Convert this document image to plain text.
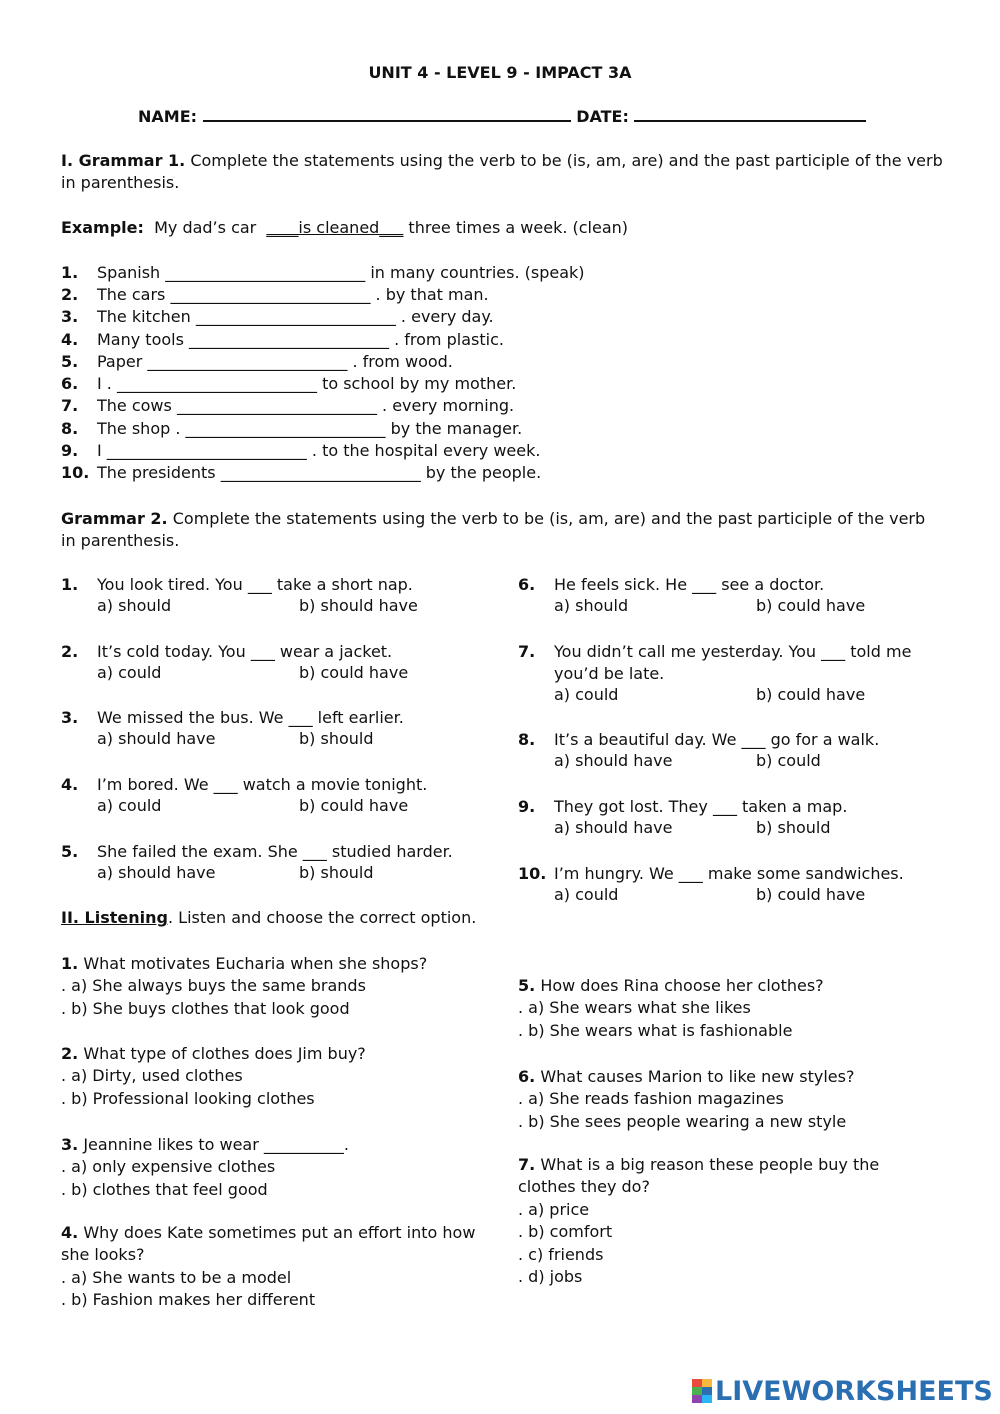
UNIT 4 - LEVEL 9 - IMPACT 3A
NAME:	DATE:
I. Grammar 1. Complete the statements using the verb to be (is, am, are) and the past participle of the verb
in parenthesis.
Example: My dad’s car ____is cleaned___ three times a week. (clean)
1. Spanish _________________________ in many countries. (speak)
2. The cars _________________________ . by that man.
3. The kitchen _________________________ . every day.
4. Many tools _________________________ . from plastic.
5. Paper _________________________ . from wood.
6. I . _________________________ to school by my mother.
7. The cows _________________________ . every morning.
8. The shop . _________________________ by the manager.
9. I _________________________ . to the hospital every week.
10. The presidents _________________________ by the people.
Grammar 2. Complete the statements using the verb to be (is, am, are) and the past participle of the verb
in parenthesis.
1. You look tired. You ___ take a short nap.
a) should	b) should have
2. It’s cold today. You ___ wear a jacket.
a) could	b) could have
3. We missed the bus. We ___ left earlier.
a) should have	b) should
4. I’m bored. We ___ watch a movie tonight.
a) could	b) could have
5. She failed the exam. She ___ studied harder.
a) should have	b) should
6. He feels sick. He ___ see a doctor.
a) should	b) could have
7. You didn’t call me yesterday. You ___ told me
you’d be late.
a) could	b) could have
8. It’s a beautiful day. We ___ go for a walk.
a) should have	b) could
9. They got lost. They ___ taken a map.
a) should have	b) should
10. I’m hungry. We ___ make some sandwiches.
a) could	b) could have
II. Listening. Listen and choose the correct option.
1. What motivates Eucharia when she shops?
. a) She always buys the same brands
. b) She buys clothes that look good
2. What type of clothes does Jim buy?
. a) Dirty, used clothes
. b) Professional looking clothes
3. Jeannine likes to wear __________.
. a) only expensive clothes
. b) clothes that feel good
4. Why does Kate sometimes put an effort into how
she looks?
. a) She wants to be a model
. b) Fashion makes her different
5. How does Rina choose her clothes?
. a) She wears what she likes
. b) She wears what is fashionable
6. What causes Marion to like new styles?
. a) She reads fashion magazines
. b) She sees people wearing a new style
7. What is a big reason these people buy the
clothes they do?
. a) price
. b) comfort
. c) friends
. d) jobs
LIVEWORKSHEETS
